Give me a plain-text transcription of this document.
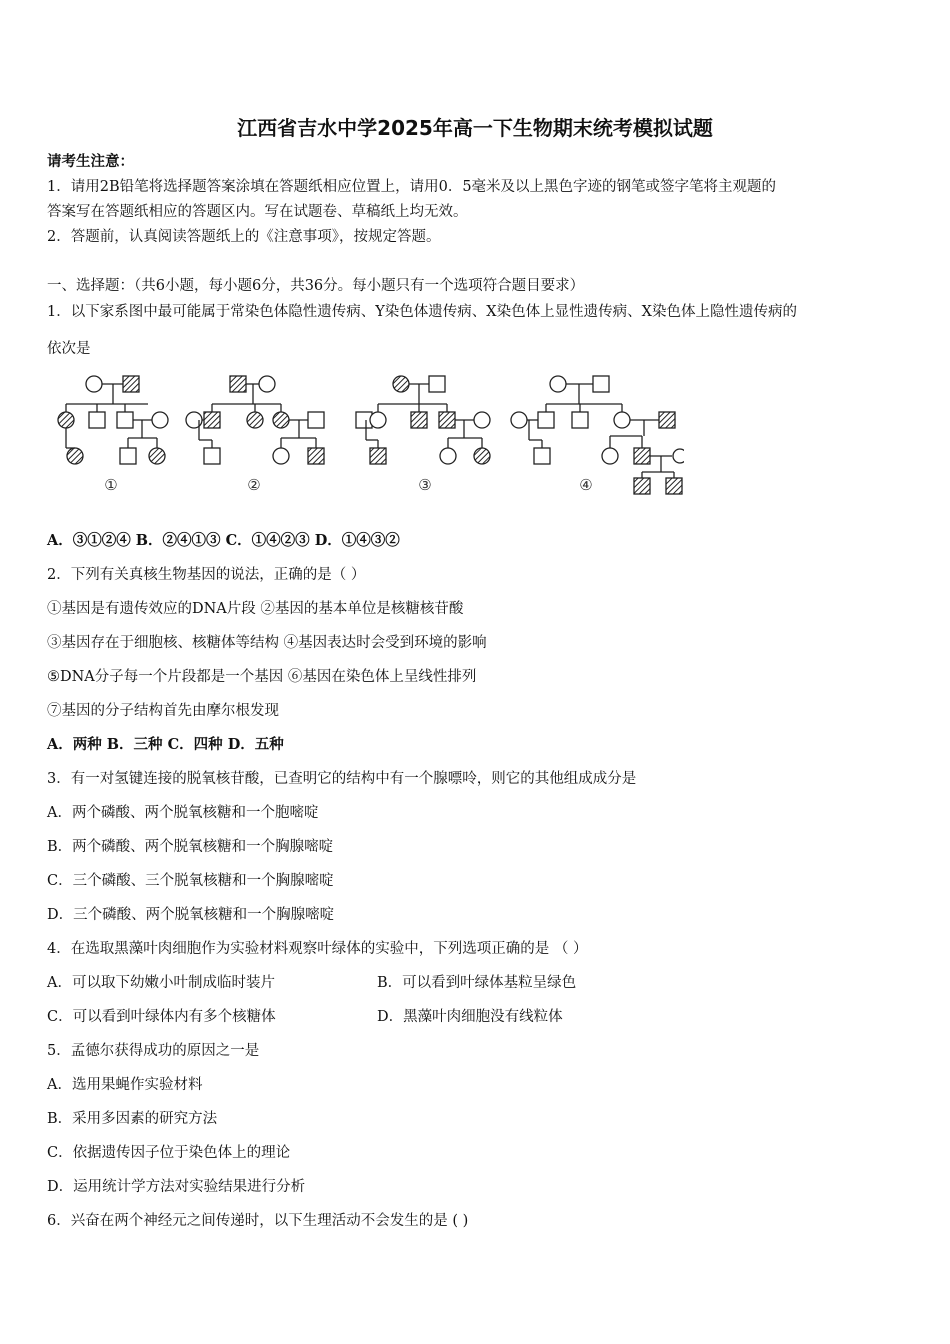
江西省吉水中学2025年高一下生物期末统考模拟试题
请考生注意：
1．请用2B铅笔将选择题答案涂填在答题纸相应位置上，请用0．5毫米及以上黑色字迹的钢笔或签字笔将主观题的
答案写在答题纸相应的答题区内。写在试题卷、草稿纸上均无效。
2．答题前，认真阅读答题纸上的《注意事项》，按规定答题。
一、选择题：（共6小题，每小题6分，共36分。每小题只有一个选项符合题目要求）
1．以下家系图中最可能属于常染色体隐性遗传病、Y染色体遗传病、X染色体上显性遗传病、X染色体上隐性遗传病的
依次是
①	②	③	④
A．③①②④ B．②④①③ C．①④②③ D．①④③②
2．下列有关真核生物基因的说法，正确的是（ ）
①基因是有遗传效应的DNA片段 ②基因的基本单位是核糖核苷酸
③基因存在于细胞核、核糖体等结构 ④基因表达时会受到环境的影响
⑤DNA分子每一个片段都是一个基因 ⑥基因在染色体上呈线性排列
⑦基因的分子结构首先由摩尔根发现
A．两种 B．三种 C．四种 D．五种
3．有一对氢键连接的脱氧核苷酸，已查明它的结构中有一个腺嘌呤，则它的其他组成成分是
A．两个磷酸、两个脱氧核糖和一个胞嘧啶
B．两个磷酸、两个脱氧核糖和一个胸腺嘧啶
C．三个磷酸、三个脱氧核糖和一个胸腺嘧啶
D．三个磷酸、两个脱氧核糖和一个胸腺嘧啶
4．在选取黑藻叶肉细胞作为实验材料观察叶绿体的实验中，下列选项正确的是 （ ）
A．可以取下幼嫩小叶制成临时装片	B．可以看到叶绿体基粒呈绿色
C．可以看到叶绿体内有多个核糖体	D．黑藻叶肉细胞没有线粒体
5．孟德尔获得成功的原因之一是
A．选用果蝇作实验材料
B．采用多因素的研究方法
C．依据遗传因子位于染色体上的理论
D．运用统计学方法对实验结果进行分析
6．兴奋在两个神经元之间传递时，以下生理活动不会发生的是 ( )
